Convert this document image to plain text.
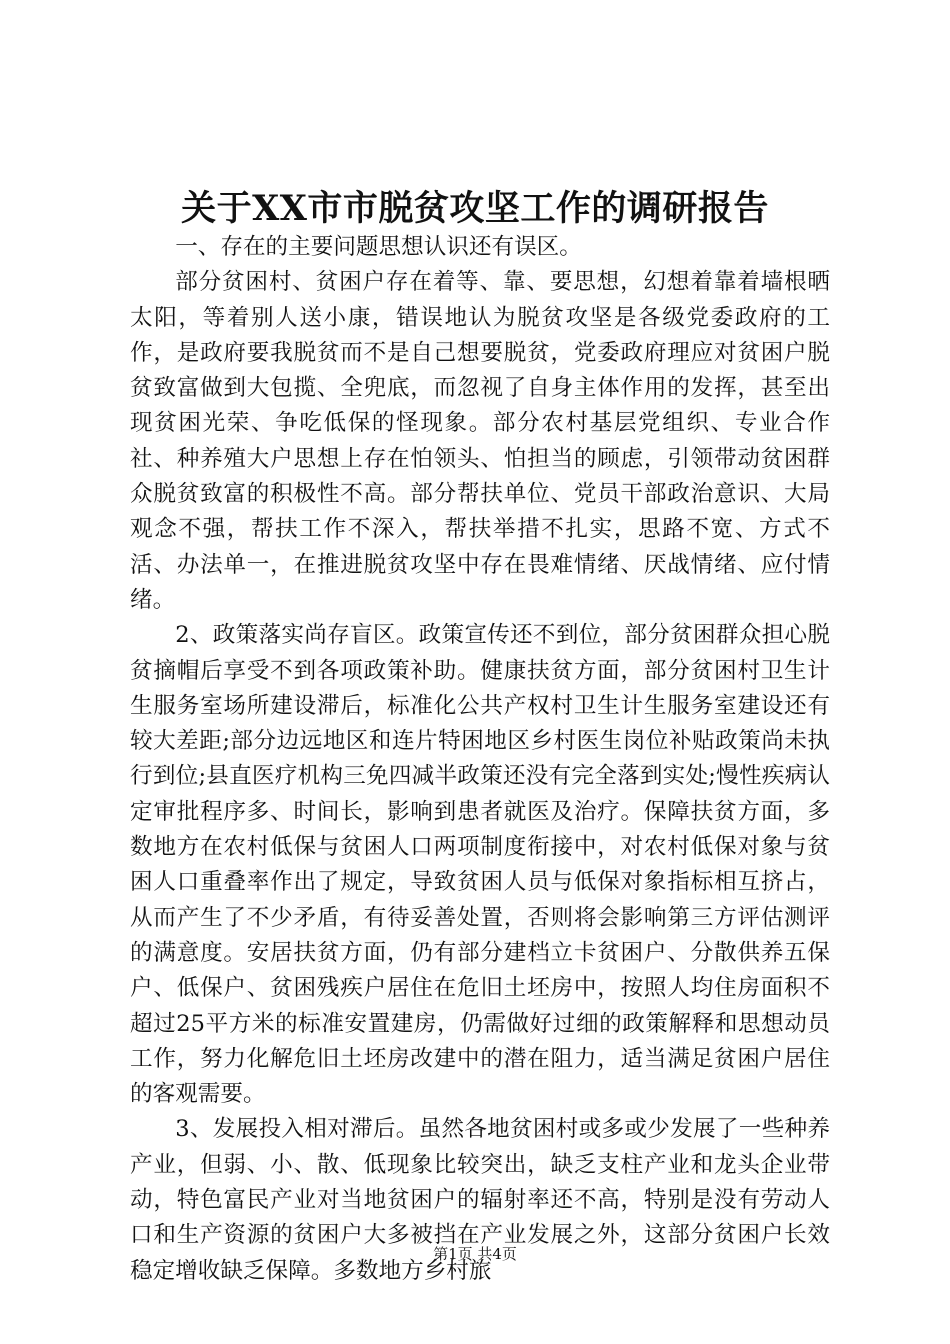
关于XX市市脱贫攻坚工作的调研报告

一、存在的主要问题思想认识还有误区。

部分贫困村、贫困户存在着等、靠、要思想，幻想着靠着墙根晒太阳，等着别人送小康，错误地认为脱贫攻坚是各级党委政府的工作，是政府要我脱贫而不是自己想要脱贫，党委政府理应对贫困户脱贫致富做到大包揽、全兜底，而忽视了自身主体作用的发挥，甚至出现贫困光荣、争吃低保的怪现象。部分农村基层党组织、专业合作社、种养殖大户思想上存在怕领头、怕担当的顾虑，引领带动贫困群众脱贫致富的积极性不高。部分帮扶单位、党员干部政治意识、大局观念不强，帮扶工作不深入，帮扶举措不扎实，思路不宽、方式不活、办法单一，在推进脱贫攻坚中存在畏难情绪、厌战情绪、应付情绪。

2、政策落实尚存盲区。政策宣传还不到位，部分贫困群众担心脱贫摘帽后享受不到各项政策补助。健康扶贫方面，部分贫困村卫生计生服务室场所建设滞后，标准化公共产权村卫生计生服务室建设还有较大差距;部分边远地区和连片特困地区乡村医生岗位补贴政策尚未执行到位;县直医疗机构三免四减半政策还没有完全落到实处;慢性疾病认定审批程序多、时间长，影响到患者就医及治疗。保障扶贫方面，多数地方在农村低保与贫困人口两项制度衔接中，对农村低保对象与贫困人口重叠率作出了规定，导致贫困人员与低保对象指标相互挤占，从而产生了不少矛盾，有待妥善处置，否则将会影响第三方评估测评的满意度。安居扶贫方面，仍有部分建档立卡贫困户、分散供养五保户、低保户、贫困残疾户居住在危旧土坯房中，按照人均住房面积不超过25平方米的标准安置建房，仍需做好过细的政策解释和思想动员工作，努力化解危旧土坯房改建中的潜在阻力，适当满足贫困户居住的客观需要。

3、发展投入相对滞后。虽然各地贫困村或多或少发展了一些种养产业，但弱、小、散、低现象比较突出，缺乏支柱产业和龙头企业带动，特色富民产业对当地贫困户的辐射率还不高，特别是没有劳动人口和生产资源的贫困户大多被挡在产业发展之外，这部分贫困户长效稳定增收缺乏保障。多数地方乡村旅

第1页 共4页
